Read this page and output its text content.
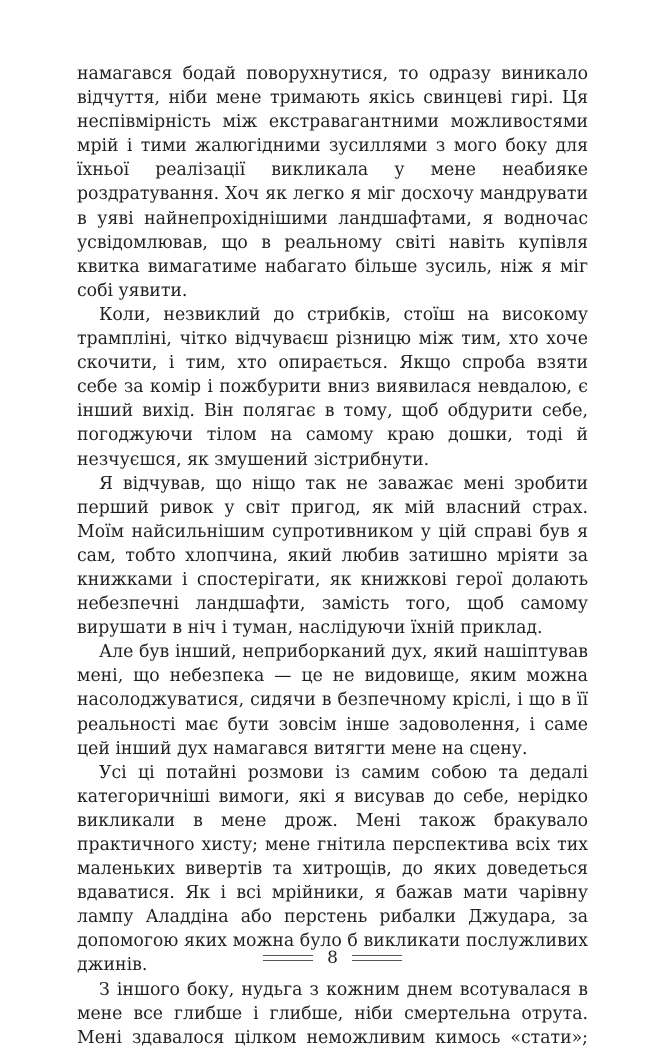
намагався бодай поворухнутися, то одразу виникало відчуття, ніби мене тримають якісь свинцеві гирі. Ця неспівмірність між екстравагантними можливостями мрій і тими жалюгідними зусиллями з мого боку для їхньої реалізації викликала у мене неабияке роздратування. Хоч як легко я міг досхочу мандрувати в уяві найнепрохіднішими ландшафтами, я водночас усвідомлював, що в реальному світі навіть купівля квитка вимагатиме набагато більше зусиль, ніж я міг собі уявити.

Коли, незвиклий до стрибків, стоїш на високому трампліні, чітко відчуваєш різницю між тим, хто хоче скочити, і тим, хто опирається. Якщо спроба взяти себе за комір і пожбурити вниз виявилася невдалою, є інший вихід. Він полягає в тому, щоб обдурити себе, погоджуючи тілом на самому краю дошки, тоді й незчуєшся, як змушений зістрибнути.

Я відчував, що ніщо так не заважає мені зробити перший ривок у світ пригод, як мій власний страх. Моїм найсильнішим супротивником у цій справі був я сам, тобто хлопчина, який любив затишно мріяти за книжками і спостерігати, як книжкові герої долають небезпечні ландшафти, замість того, щоб самому вирушати в ніч і туман, наслідуючи їхній приклад.

Але був інший, неприборканий дух, який нашіптував мені, що небезпека — це не видовище, яким можна насолоджуватися, сидячи в безпечному кріслі, і що в її реальності має бути зовсім інше задоволення, і саме цей інший дух намагався витягти мене на сцену.

Усі ці потайні розмови із самим собою та дедалі категоричніші вимоги, які я висував до себе, нерідко викликали в мене дрож. Мені також бракувало практичного хисту; мене гнітила перспектива всіх тих маленьких вивертів та хитрощів, до яких доведеться вдаватися. Як і всі мрійники, я бажав мати чарівну лампу Аладдіна або перстень рибалки Джудара, за допомогою яких можна було б викликати послужливих джинів.

З іншого боку, нудьга з кожним днем всотувалася в мене все глибше і глибше, ніби смертельна отрута. Мені здавалося цілком неможливим кимось «стати»;

8
